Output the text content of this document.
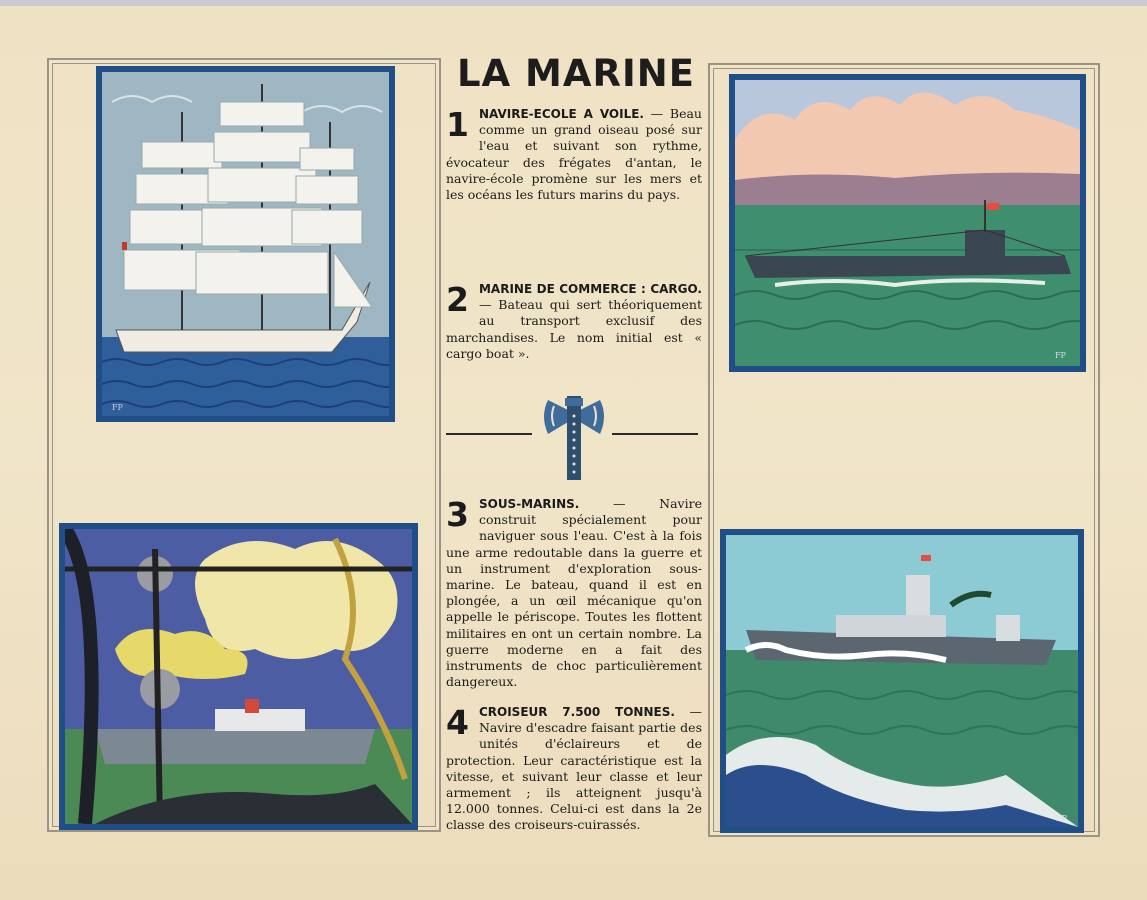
FP
FP
FP
LA MARINE
1 NAVIRE-ECOLE A VOILE. — Beau comme un grand oiseau posé sur l'eau et suivant son rythme, évocateur des frégates d'antan, le navire-école promène sur les mers et les océans les futurs marins du pays.
2 MARINE DE COMMERCE : CARGO. — Bateau qui sert théoriquement au transport exclusif des marchandises. Le nom initial est « cargo boat ».
3 SOUS-MARINS. — Navire construit spécialement pour naviguer sous l'eau. C'est à la fois une arme redoutable dans la guerre et un instrument d'exploration sous-marine. Le bateau, quand il est en plongée, a un œil mécanique qu'on appelle le périscope. Toutes les flottent militaires en ont un certain nombre. La guerre moderne en a fait des instruments de choc particulièrement dangereux.
4 CROISEUR 7.500 TONNES. — Navire d'escadre faisant partie des unités d'éclaireurs et de protection. Leur caractéristique est la vitesse, et suivant leur classe et leur armement ; ils atteignent jusqu'à 12.000 tonnes. Celui-ci est dans la 2e classe des croiseurs-cuirassés.
